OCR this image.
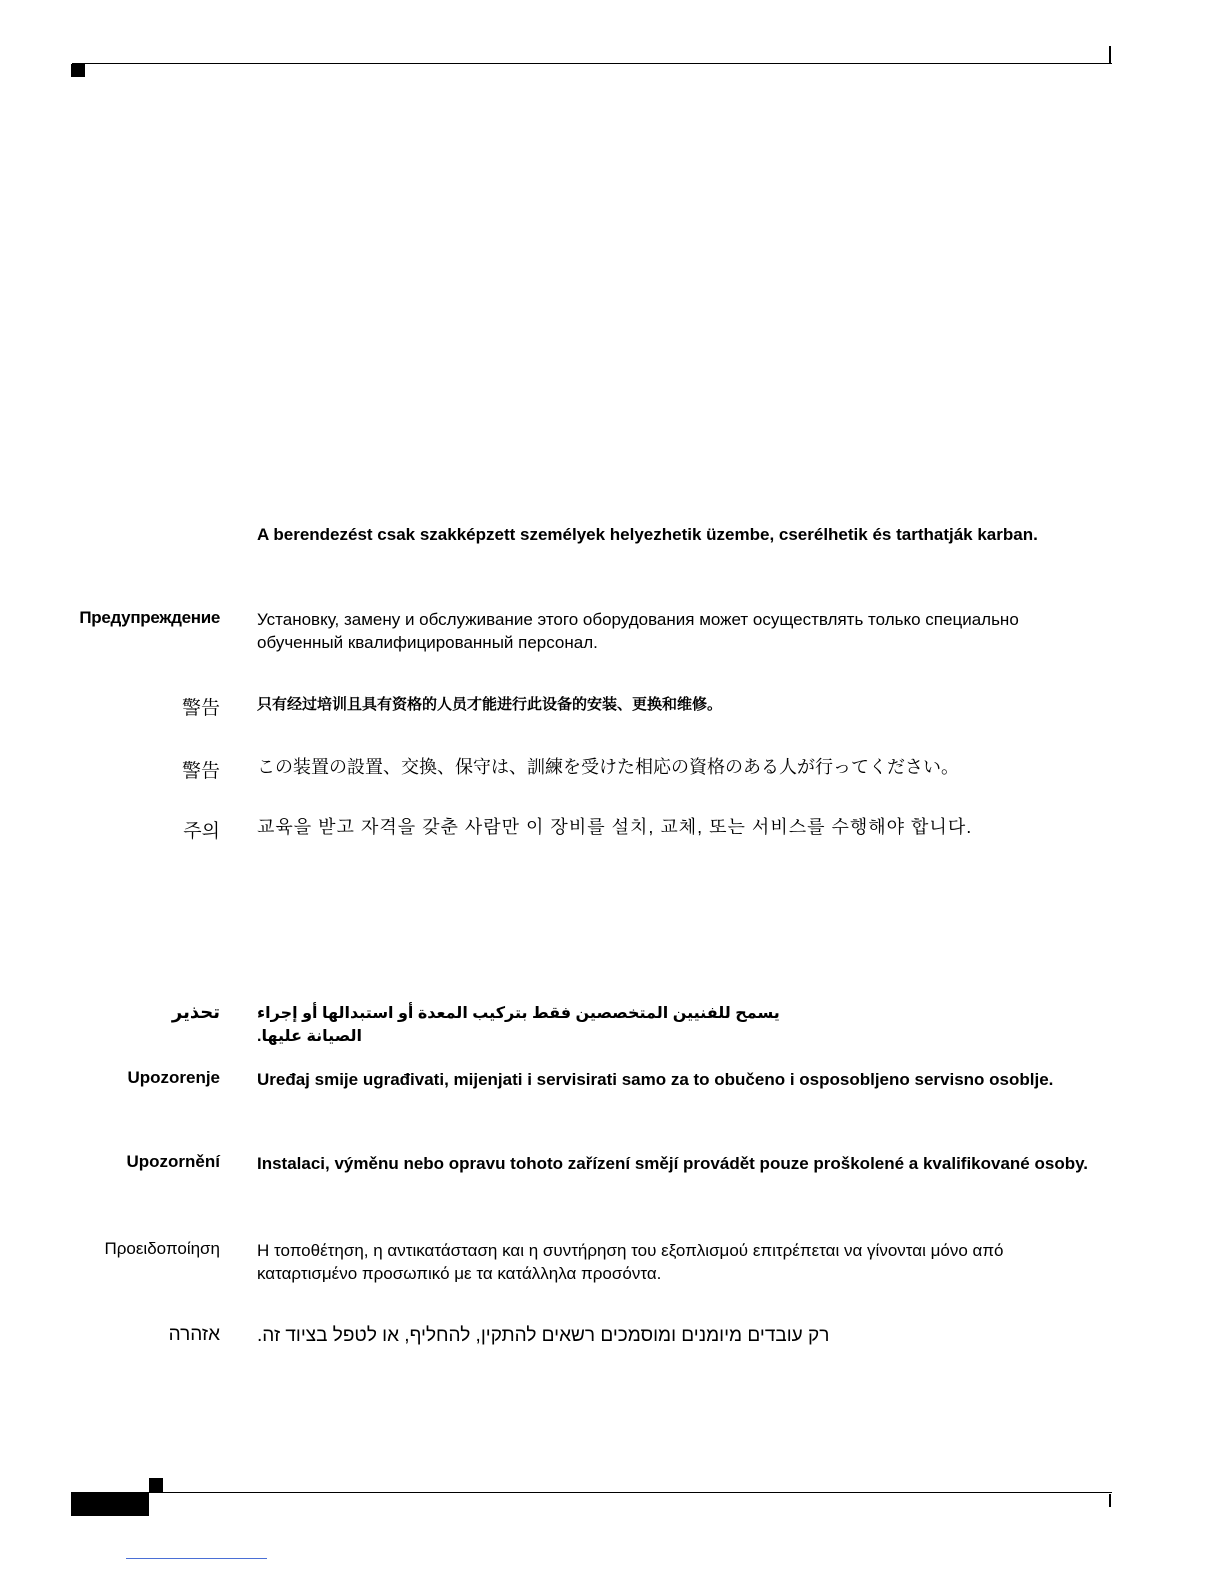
A berendezést csak szakképzett személyek helyezhetik üzembe, cserélhetik és tarthatják karban.
Предупреждение Установку, замену и обслуживание этого оборудования может осуществлять только специально обученный квалифицированный персонал.
警告 只有经过培训且具有资格的人员才能进行此设备的安装、更换和维修。
警告 この装置の設置、交換、保守は、訓練を受けた相応の資格のある人が行ってください。
주의 교육을 받고 자격을 갖춘 사람만 이 장비를 설치, 교체, 또는 서비스를 수행해야 합니다.
تحذير يسمح للفنيين المتخصصين فقط بتركيب المعدة أو استبدالها أو إجراء الصيانة عليها.
Upozorenje Uređaj smije ugrađivati, mijenjati i servisirati samo za to obučeno i osposobljeno servisno osoblje.
Upozornění Instalaci, výměnu nebo opravu tohoto zařízení smějí provádět pouze proškolené a kvalifikované osoby.
Προειδοποίηση Η τοποθέτηση, η αντικατάσταση και η συντήρηση του εξοπλισμού επιτρέπεται να γίνονται μόνο από καταρτισμένο προσωπικό με τα κατάλληλα προσόντα.
אזהרה רק עובדים מיומנים ומוסמכים רשאים להתקין, להחליף, או לטפל בציוד זה.
